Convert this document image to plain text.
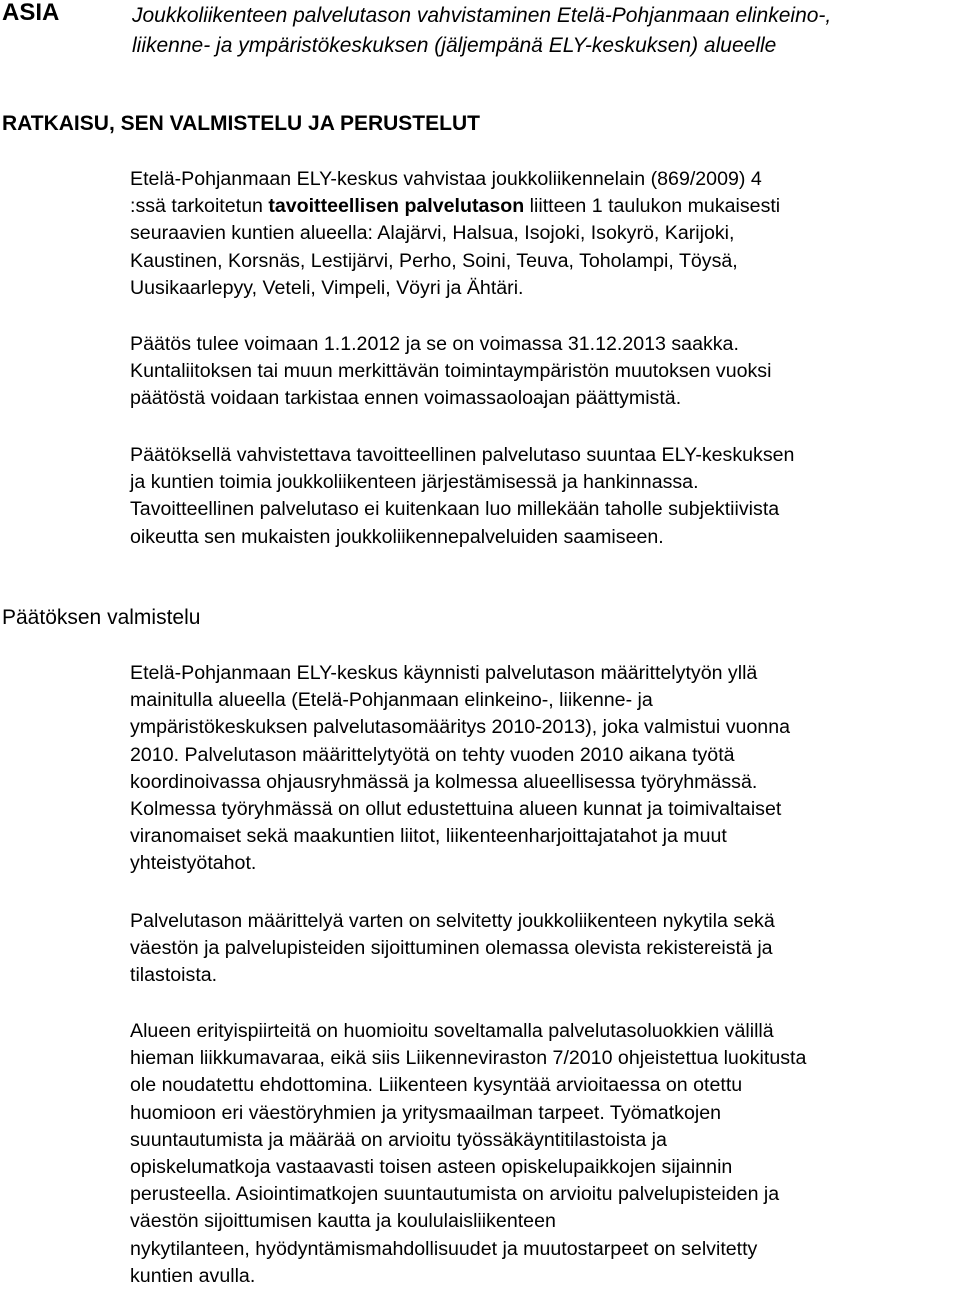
ASIA	Joukkoliikenteen palvelutason vahvistaminen Etelä-Pohjanmaan elinkeino-,
liikenne- ja ympäristökeskuksen (jäljempänä ELY-keskuksen) alueelle
RATKAISU, SEN VALMISTELU JA PERUSTELUT

Etelä-Pohjanmaan ELY-keskus vahvistaa joukkoliikennelain (869/2009) 4
:ssä tarkoitetun tavoitteellisen palvelutason liitteen 1 taulukon mukaisesti
seuraavien kuntien alueella: Alajärvi, Halsua, Isojoki, Isokyrö, Karijoki,
Kaustinen, Korsnäs, Lestijärvi, Perho, Soini, Teuva, Toholampi, Töysä,
Uusikaarlepyy, Veteli, Vimpeli, Vöyri ja Ähtäri.

Päätös tulee voimaan 1.1.2012 ja se on voimassa 31.12.2013 saakka.
Kuntaliitoksen tai muun merkittävän toimintaympäristön muutoksen vuoksi
päätöstä voidaan tarkistaa ennen voimassaoloajan päättymistä.

Päätöksellä vahvistettava tavoitteellinen palvelutaso suuntaa ELY-keskuksen
ja kuntien toimia joukkoliikenteen järjestämisessä ja hankinnassa.
Tavoitteellinen palvelutaso ei kuitenkaan luo millekään taholle subjektiivista
oikeutta sen mukaisten joukkoliikennepalveluiden saamiseen.

Päätöksen valmistelu

Etelä-Pohjanmaan ELY-keskus käynnisti palvelutason määrittelytyön yllä
mainitulla alueella (Etelä-Pohjanmaan elinkeino-, liikenne- ja
ympäristökeskuksen palvelutasomääritys 2010-2013), joka valmistui vuonna
2010. Palvelutason määrittelytyötä on tehty vuoden 2010 aikana työtä
koordinoivassa ohjausryhmässä ja kolmessa alueellisessa työryhmässä.
Kolmessa työryhmässä on ollut edustettuina alueen kunnat ja toimivaltaiset
viranomaiset sekä maakuntien liitot, liikenteenharjoittajatahot ja muut
yhteistyötahot.

Palvelutason määrittelyä varten on selvitetty joukkoliikenteen nykytila sekä
väestön ja palvelupisteiden sijoittuminen olemassa olevista rekistereistä ja
tilastoista.

Alueen erityispiirteitä on huomioitu soveltamalla palvelutasoluokkien välillä
hieman liikkumavaraa, eikä siis Liikenneviraston 7/2010 ohjeistettua luokitusta
ole noudatettu ehdottomina. Liikenteen kysyntää arvioitaessa on otettu
huomioon eri väestöryhmien ja yritysmaailman tarpeet. Työmatkojen
suuntautumista ja määrää on arvioitu työssäkäyntitilastoista ja
opiskelumatkoja vastaavasti toisen asteen opiskelupaikkojen sijainnin
perusteella. Asiointimatkojen suuntautumista on arvioitu palvelupisteiden ja
väestön sijoittumisen kautta ja koululaisliikenteen
nykytilanteen, hyödyntämismahdollisuudet ja muutostarpeet on selvitetty
kuntien avulla.
